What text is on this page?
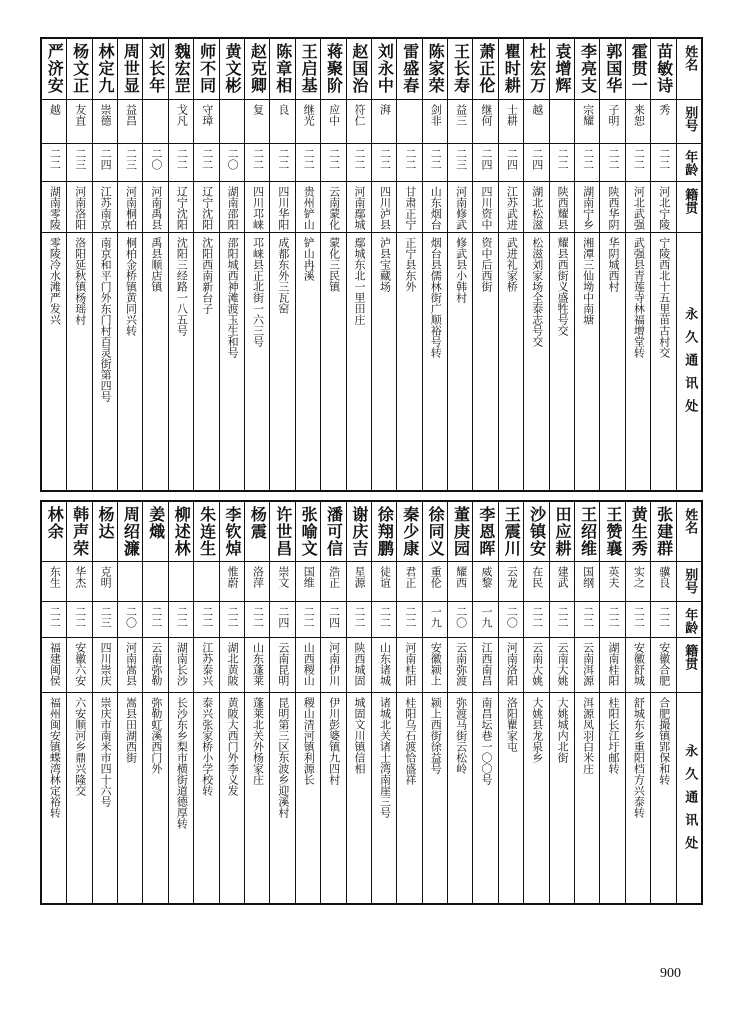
姓名
别号
年龄
籍贯
永久通讯处
苗敏诗
秀
二二
河北宁陵
宁陵西北十五里苗古村交
霍贯一
来恕
二二
河北武强
武强县青莲寺林福增堂转
郭国华
子明
二二
陕西华阴
华阴城西村
李亮支
宗耀
二二
湖南宁乡
湘潭三仙坳中南塘
袁增辉
二二
陕西耀县
耀县西街义盛牲号交
杜宏万
越
二四
湖北松滋
松滋刘家场全泰志号交
瞿时耕
士耕
二四
江苏武进
武进礼家桥
萧正伦
继何
二四
四川资中
资中后西街
王长寿
益三
二三
河南修武
修武县小韩村
陈家荣
剑非
二二
山东烟台
烟台县儒林街广顺裕号转
雷盛春
二二
甘肃正宁
正宁县东外
刘永中
湃
二二
四川泸县
泸县宝藏场
赵国治
符仁
二二
河南鄢城
鄢城东北一里田庄
蒋聚阶
应中
二二
云南蒙化
蒙化三民镇
王启基
继光
二二
贵州铲山
铲山冉溪
陈章相
良
二二
四川华阳
成都东外三瓦窑
赵克卿
复
二二
四川邛崃
邛崃县正北街一六三号
黄文彬
二〇
湖南邵阳
邵阳城西神滩渡玉生和号
师不同
守璋
二二
辽宁沈阳
沈阳西南新台子
魏宏罡
戈凡
二二
辽宁沈阳
沈阳三经路一八五号
刘长年
二〇
河南禹县
禹县顺店镇
周世显
益昌
二三
河南桐柏
桐柏金桥镇黄同兴转
林定九
崇德
二四
江苏南京
南京和平门外东门村百灵街第四号
杨文正
友直
二三
河南洛阳
洛阳延秋镇杨瑶村
严济安
越
二二
湖南零陵
零陵冷水滩严发兴
姓名
别号
年龄
籍贯
永久通讯处
张建群
骥良
二二
安徽合肥
合肥撮镇郢保和转
黄生秀
实之
二二
安徽舒城
舒城东乡重阳档方兴泰转
王赞襄
英夫
二二
湖南桂阳
桂阳长江圩邮转
王绍维
国纲
二二
云南洱源
洱源凤羽白米庄
田应耕
建武
二二
云南大姚
大姚城内北街
沙镇安
在民
二二
云南大姚
大姚县龙泉乡
王震川
云龙
二〇
河南洛阳
洛阳瞿家屯
李恩晖
威黎
一九
江西南昌
南昌坛巷一〇〇号
董庚园
耀西
二〇
云南弥渡
弥渡马街云松岭
徐同义
重伦
一九
安徽颍上
颍上西街徐益号
秦少康
君正
二二
河南桂阳
桂阳乌石渡恰盛祥
徐翔鹏
徒谊
二二
山东诸城
诸城北关诸士湾南崖三号
谢庆吉
星源
二二
陕西城固
城固文川镇信相
潘可信
浩正
二四
河南伊川
伊川彭婆镇九四村
张喻文
国维
二二
山西稷山
稷山清河镇利源长
许世昌
崇文
二四
云南昆明
昆明第三区东波乡迎溪村
杨震
洛萍
二二
山东蓬莱
蓬莱北关外杨家庄
李钦焯
惟蔚
二二
湖北黄陂
黄陂大西门外李义发
朱连生
二二
江苏泰兴
泰兴张家桥小学校转
柳述林
二二
湖南长沙
长沙东乡梨市横街道德厚转
姜熾
二二
云南弥勒
弥勒虹溪西门外
周绍濂
二〇
河南嵩县
嵩县田湖西街
杨达
克明
二三
四川崇庆
崇庆市南米市四十六号
韩声荣
华杰
二二
安徽六安
六安顺河乡鼎兴隆交
林余
东生
二二
福建闽侯
福州闽安镇蝶湾林定裕转
900
